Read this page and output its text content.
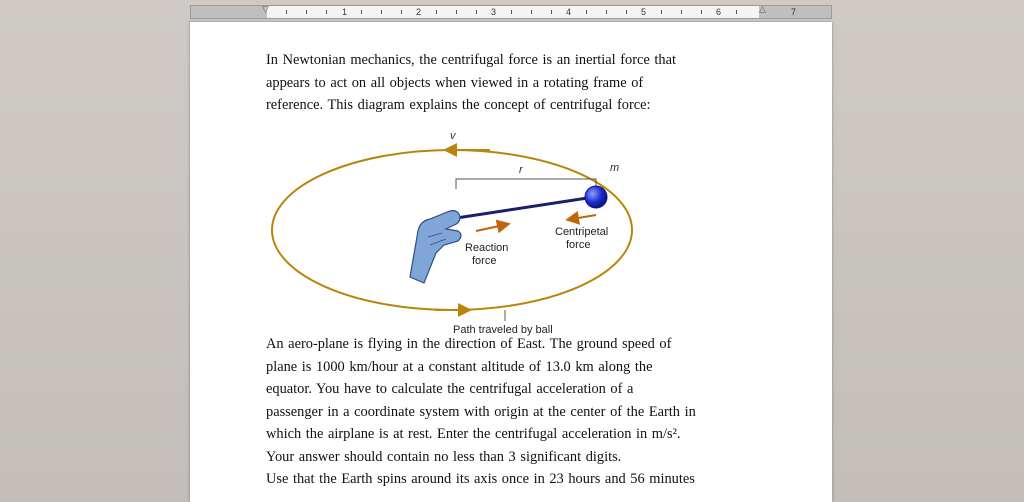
▽	△
1	2	3	4	5	6	7
In Newtonian mechanics, the centrifugal force is an inertial force that
appears to act on all objects when viewed in a rotating frame of
reference. This diagram explains the concept of centrifugal force:
v
r	m
Centripetal
force
Reaction
force
Path traveled by ball
An aero-plane is flying in the direction of East. The ground speed of
plane is 1000 km/hour at a constant altitude of 13.0 km along the
equator. You have to calculate the centrifugal acceleration of a
passenger in a coordinate system with origin at the center of the Earth in
which the airplane is at rest. Enter the centrifugal acceleration in m/s².
Your answer should contain no less than 3 significant digits.
Use that the Earth spins around its axis once in 23 hours and 56 minutes
